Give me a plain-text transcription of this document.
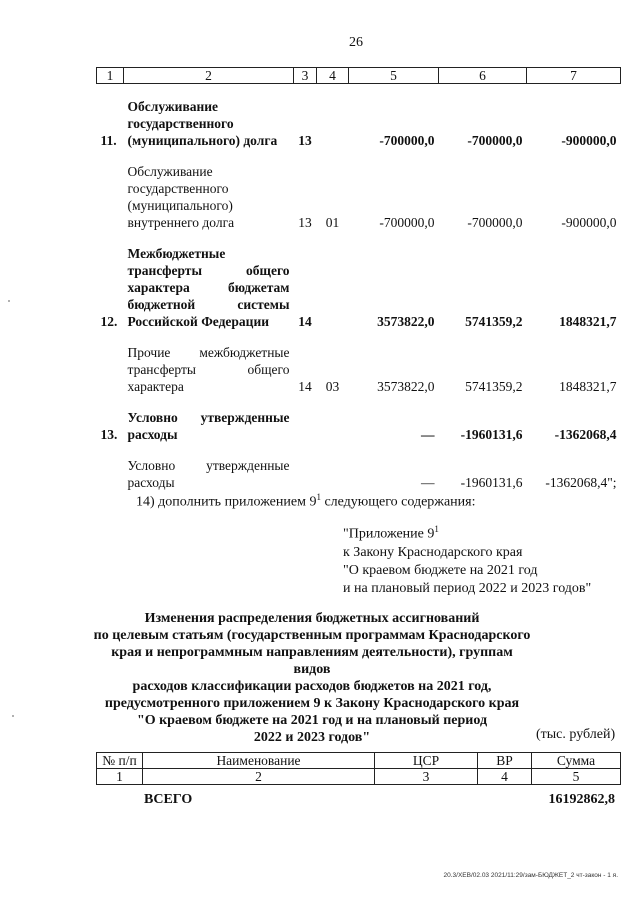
26
1	2	3	4	5	6	7

11.	Обслуживание государственного (муниципального) долга	13		-700000,0	-700000,0	-900000,0

	Обслуживание государственного (муниципального) внутреннего долга	13	01	-700000,0	-700000,0	-900000,0

12.	Межбюджетные трансферты общего характера бюджетам бюджетной системы Российской Федерации	14		3573822,0	5741359,2	1848321,7

	Прочие межбюджетные трансферты общего характера	14	03	3573822,0	5741359,2	1848321,7

13.	Условно утвержденные расходы			—	-1960131,6	-1362068,4

	Условно утвержденные расходы			—	-1960131,6	-1362068,4";
14) дополнить приложением $9^1$ следующего содержания:
"Приложение $9^1$
к Закону Краснодарского края
"О краевом бюджете на 2021 год
и на плановый период 2022 и 2023 годов"
Изменения распределения бюджетных ассигнований
по целевым статьям (государственным программам Краснодарского
края и непрограммным направлениям деятельности), группам видов
расходов классификации расходов бюджетов на 2021 год,
предусмотренного приложением 9 к Закону Краснодарского края
"О краевом бюджете на 2021 год и на плановый период
2022 и 2023 годов"	(тыс. рублей)
№ п/п	Наименование	ЦСР	ВР	Сумма
1	2	3	4	5
ВСЕГО	16192862,8
20.3/ХЕВ/02.03 2021/11:29/зам-БЮДЖЕТ_2 чт-закон - 1 я.
